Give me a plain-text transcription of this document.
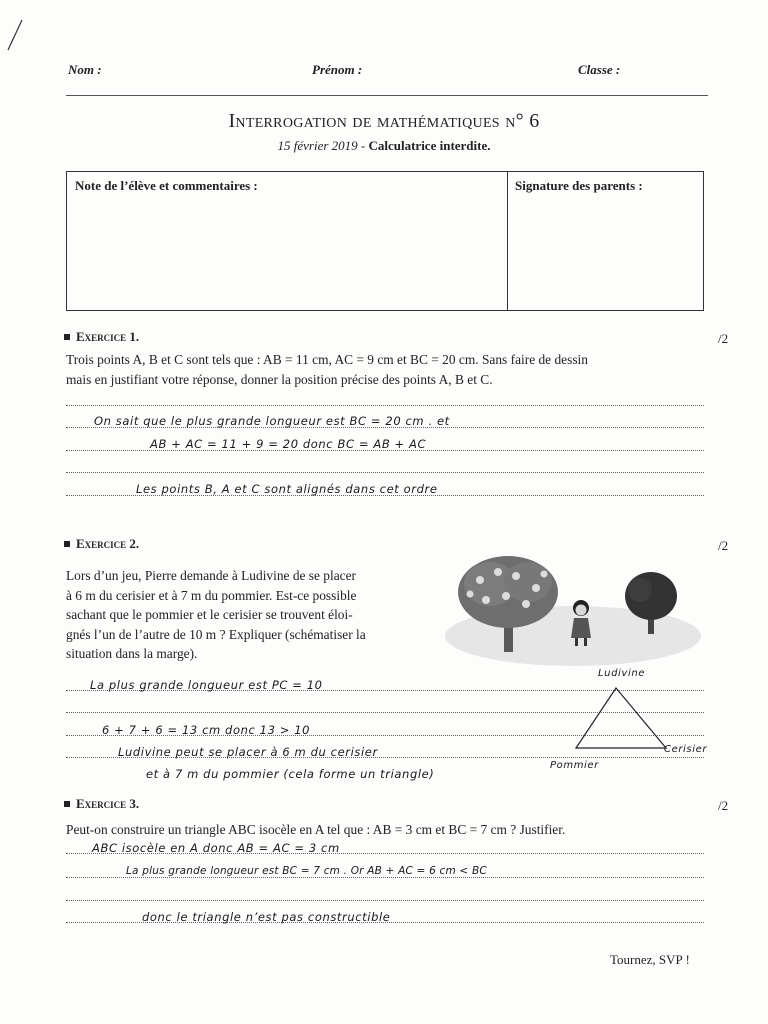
Nom :	Prénom :	Classe :
Interrogation de mathématiques n° 6
15 février 2019 - Calculatrice interdite.
Note de l’élève et commentaires :	Signature des parents :
Exercice 1.	/2
Trois points A, B et C sont tels que : AB = 11 cm, AC = 9 cm et BC = 20 cm. Sans faire de dessin
mais en justifiant votre réponse, donner la position précise des points A, B et C.
On sait que le plus grande longueur est BC = 20 cm . et
AB + AC = 11 + 9 = 20 donc BC = AB + AC
Les points B, A et C sont alignés dans cet ordre
Exercice 2.	/2
Lors d’un jeu, Pierre demande à Ludivine de se placer
à 6 m du cerisier et à 7 m du pommier. Est-ce possible
sachant que le pommier et le cerisier se trouvent éloi-
gnés l’un de l’autre de 10 m ? Expliquer (schématiser la
situation dans la marge).
La plus grande longueur est PC = 10
6 + 7 + 6 = 13 cm donc 13 > 10
Ludivine peut se placer à 6 m du cerisier
et à 7 m du pommier (cela forme un triangle)
Ludivine
Pommier
Cerisier
Exercice 3.	/2
Peut-on construire un triangle ABC isocèle en A tel que : AB = 3 cm et BC = 7 cm ? Justifier.
ABC isocèle en A donc AB = AC = 3 cm
La plus grande longueur est BC = 7 cm . Or AB + AC = 6 cm < BC
donc le triangle n’est pas constructible
Tournez, SVP !
